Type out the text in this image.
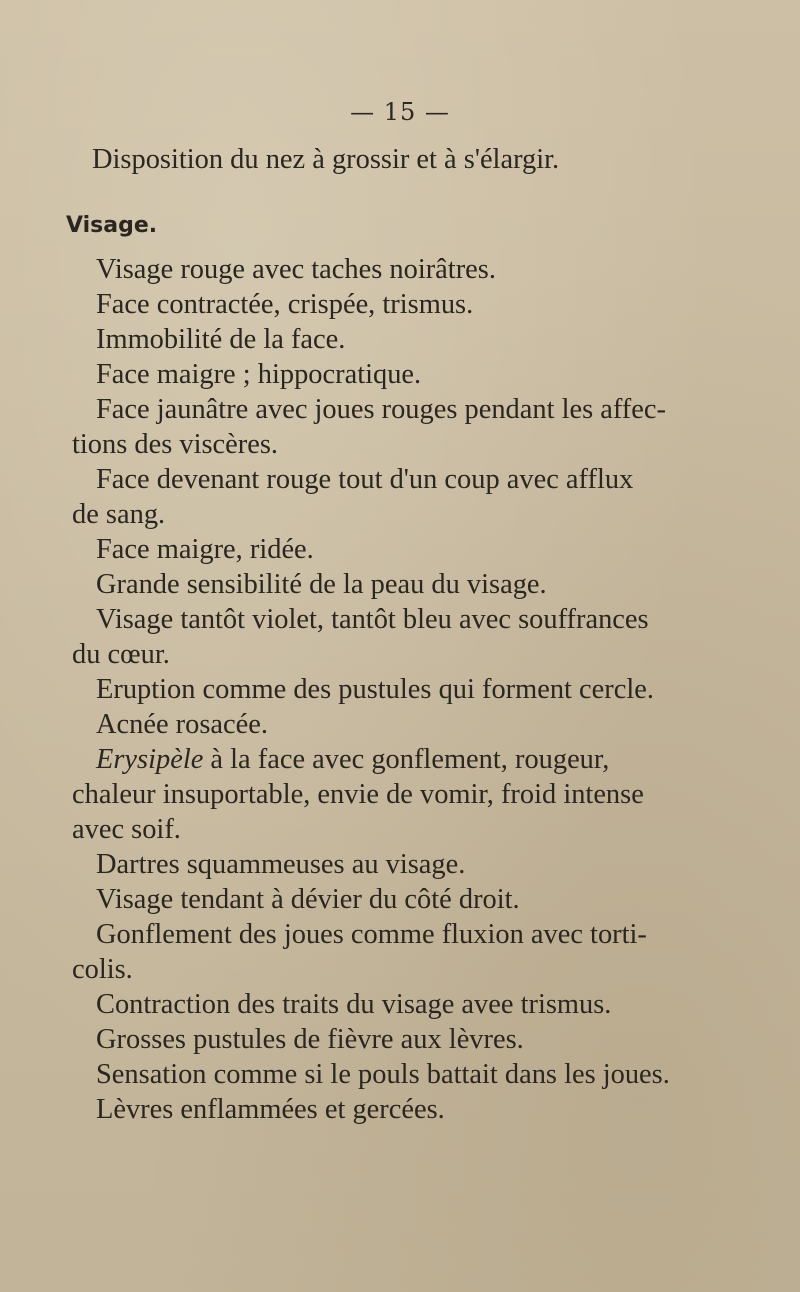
— 15 —
Disposition du nez à grossir et à s'élargir.
Visage.
Visage rouge avec taches noirâtres.
Face contractée, crispée, trismus.
Immobilité de la face.
Face maigre ; hippocratique.
Face jaunâtre avec joues rouges pendant les affec-
tions des viscères.
Face devenant rouge tout d'un coup avec afflux
de sang.
Face maigre, ridée.
Grande sensibilité de la peau du visage.
Visage tantôt violet, tantôt bleu avec souffrances
du cœur.
Eruption comme des pustules qui forment cercle.
Acnée rosacée.
Erysipèle à la face avec gonflement, rougeur,
chaleur insuportable, envie de vomir, froid intense
avec soif.
Dartres squammeuses au visage.
Visage tendant à dévier du côté droit.
Gonflement des joues comme fluxion avec torti-
colis.
Contraction des traits du visage avee trismus.
Grosses pustules de fièvre aux lèvres.
Sensation comme si le pouls battait dans les joues.
Lèvres enflammées et gercées.
